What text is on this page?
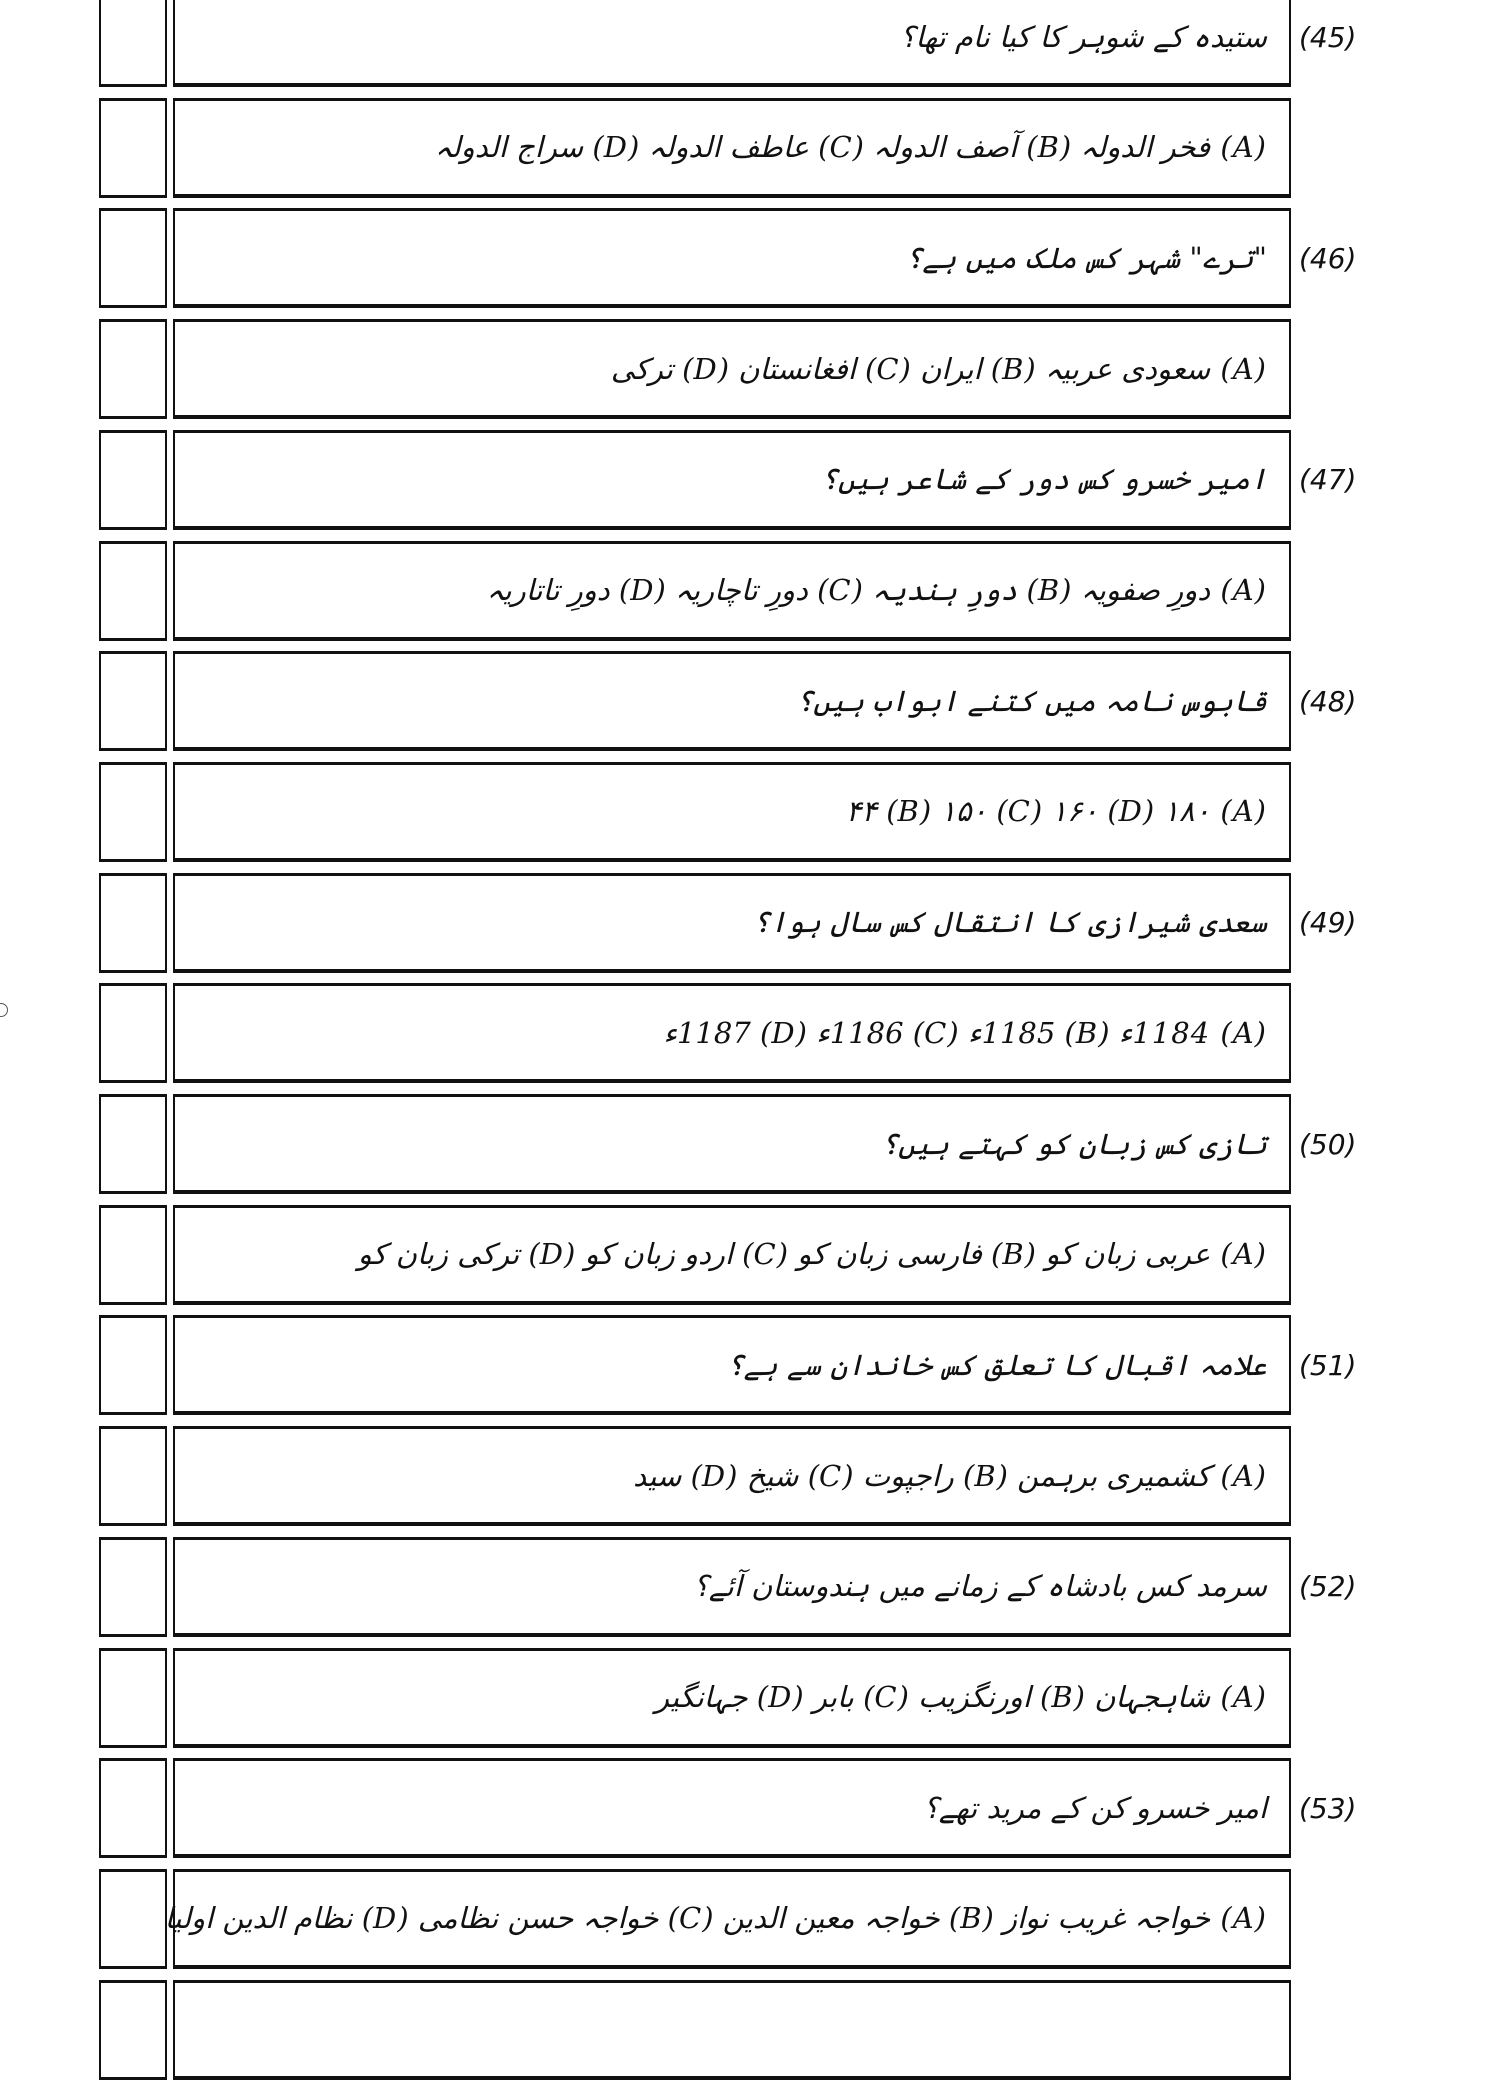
ستیدہ کے شوہر کا کیا نام تھا؟ (45)
(A) فخر الدولہ (B) آصف الدولہ (C) عاطف الدولہ (D) سراج الدولہ
"ترے" شہر کس ملک میں ہے؟ (46)
(A) سعودی عربیہ (B) ایران (C) افغانستان (D) ترکی
امیر خسرو کس دور کے شاعر ہیں؟ (47)
(A) دورِ صفویہ (B) دورِ ہندیہ (C) دورِ تاچاریہ (D) دورِ تاتاریہ
قابوس نامہ میں کتنے ابواب ہیں؟ (48)
(A) ۴۴ (B) ۱۵۰ (C) ۱۶۰ (D) ۱۸۰
سعدی شیرازی کا انتقال کس سال ہوا؟ (49)
(A) 1184ء (B) 1185ء (C) 1186ء (D) 1187ء
تازی کس زبان کو کہتے ہیں؟ (50)
(A) عربی زبان کو (B) فارسی زبان کو (C) اردو زبان کو (D) ترکی زبان کو
علامہ اقبال کا تعلق کس خاندان سے ہے؟ (51)
(A) کشمیری برہمن (B) راجپوت (C) شیخ (D) سید
سرمد کس بادشاہ کے زمانے میں ہندوستان آئے؟ (52)
(A) شاہجہان (B) اورنگزیب (C) بابر (D) جہانگیر
امیر خسرو کن کے مرید تھے؟ (53)
(A) خواجہ غریب نواز (B) خواجہ معین الدین (C) خواجہ حسن نظامی (D) نظام الدین اولیا
